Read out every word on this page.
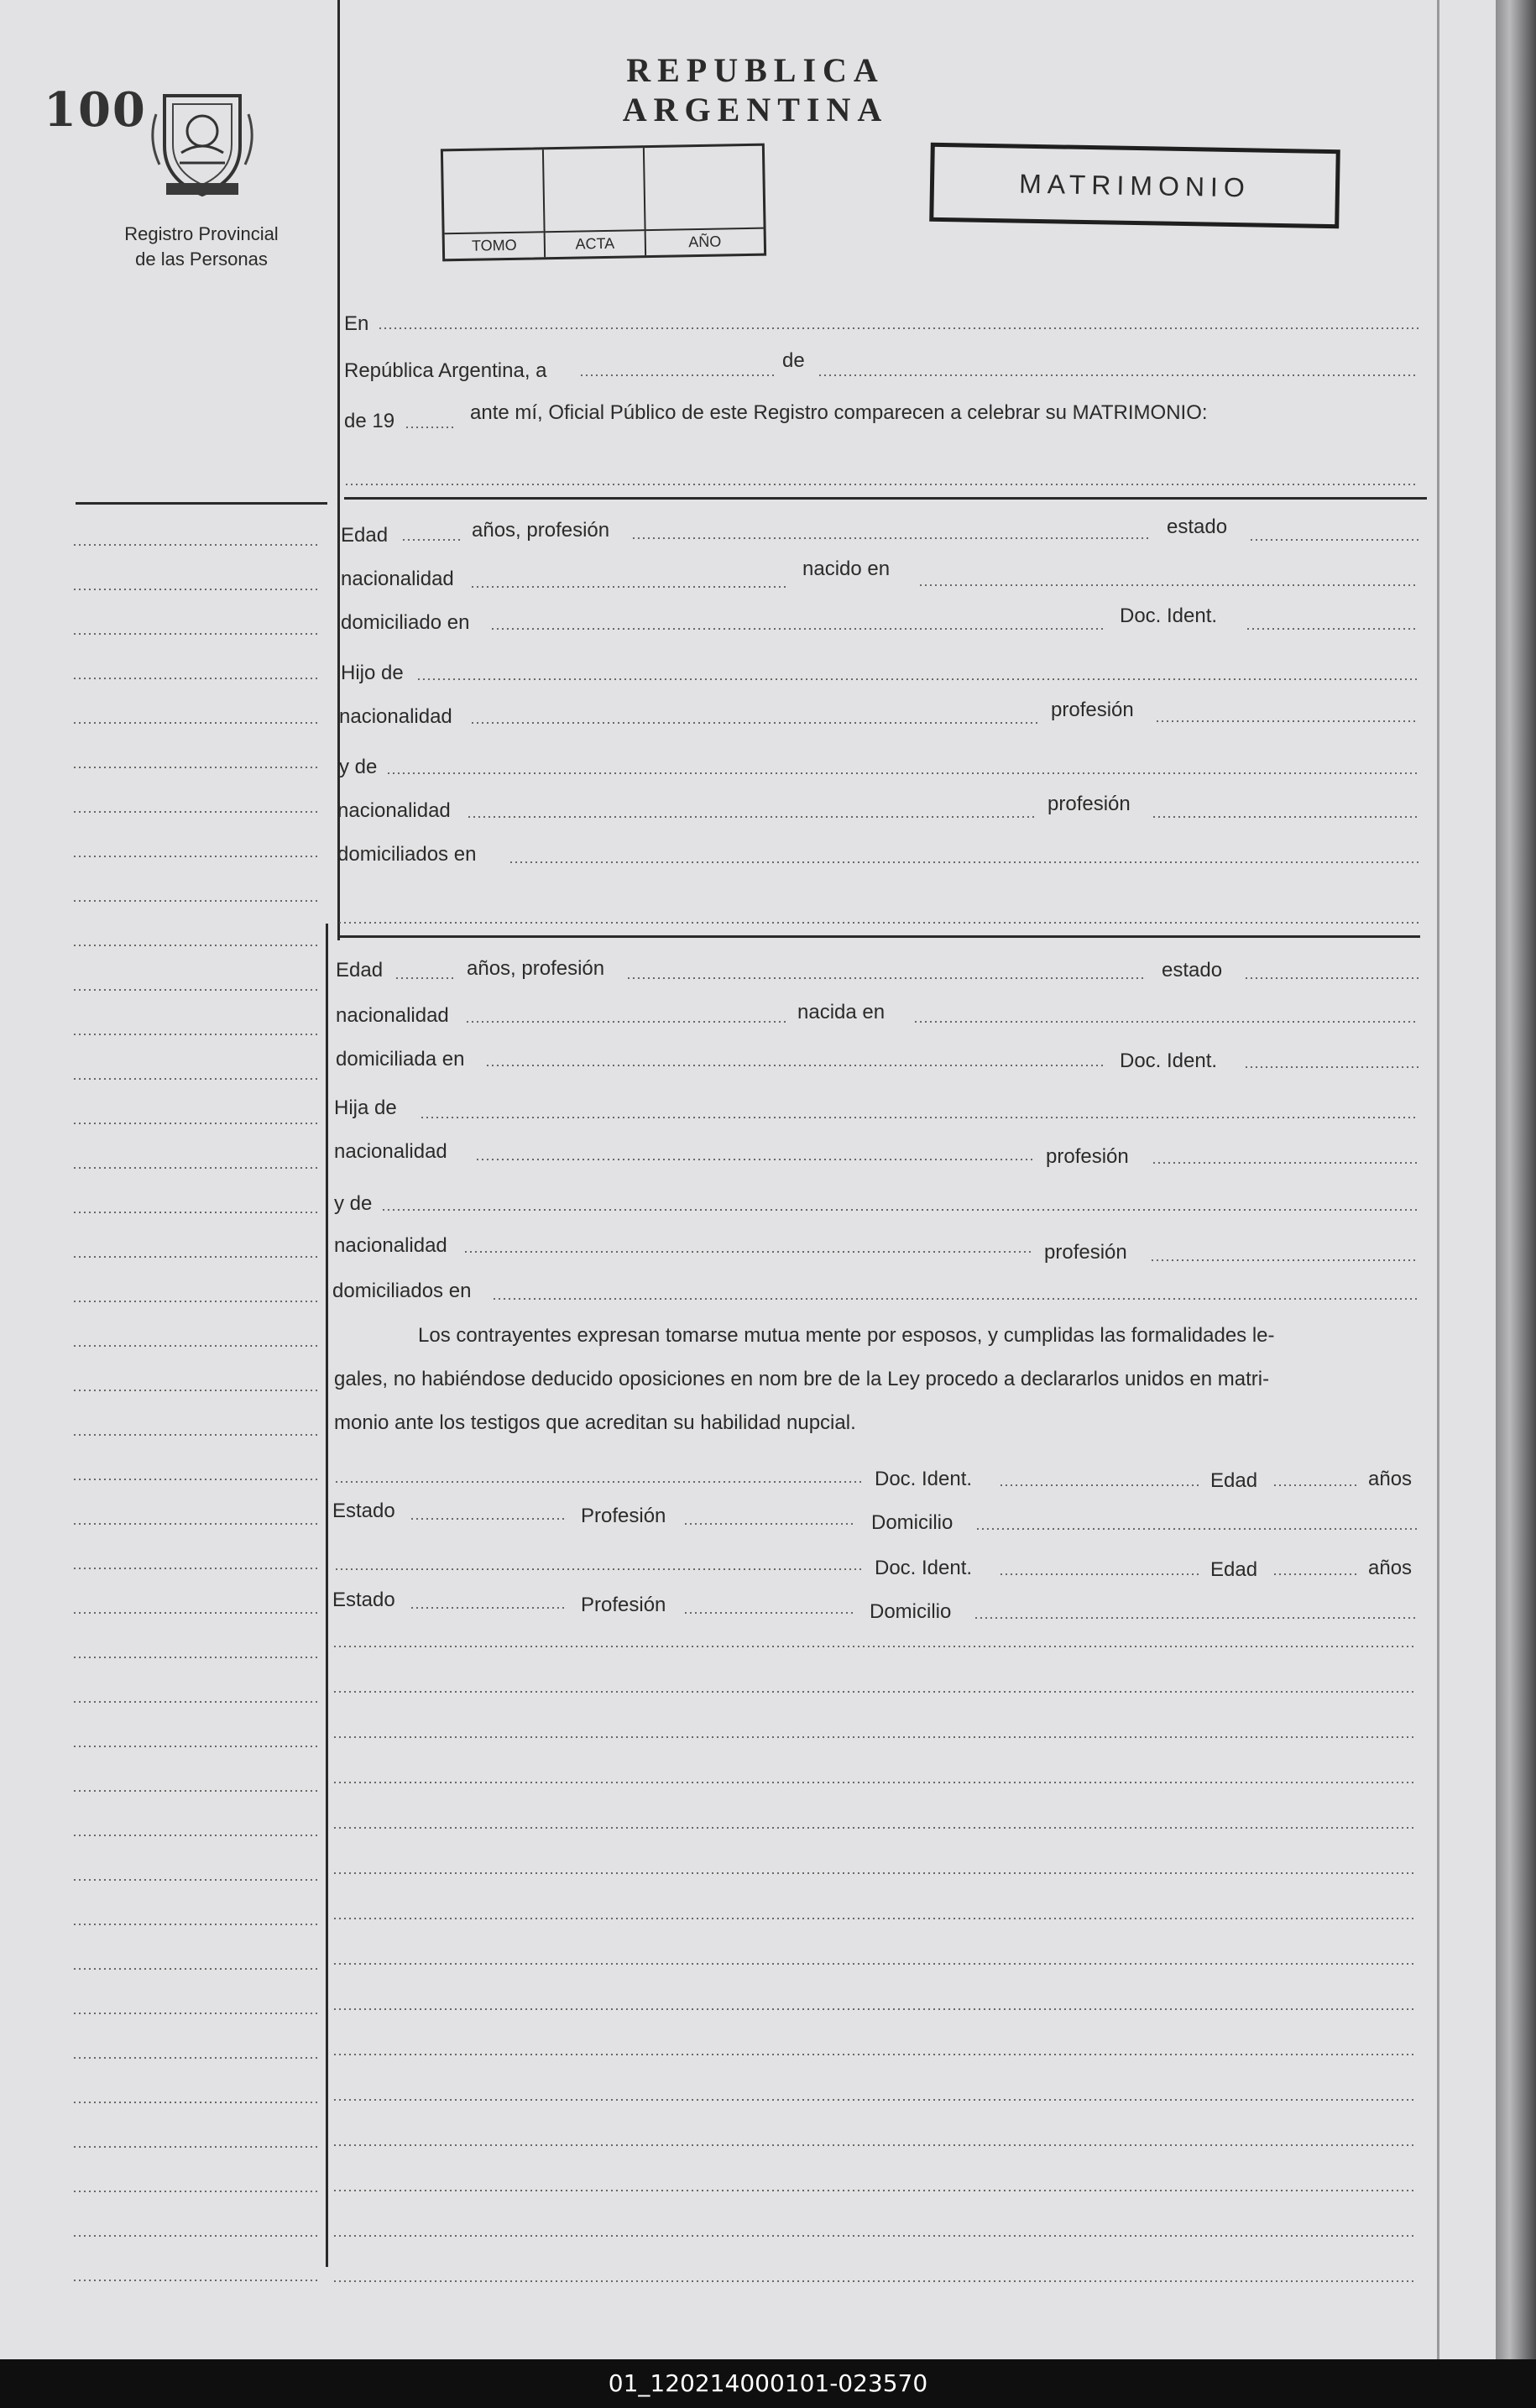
100
Registro Provincial
de las Personas
REPUBLICA ARGENTINA
TOMO	ACTA	AÑO
MATRIMONIO
En
República Argentina, a	de
de 19	ante mí, Oficial Público de este Registro comparecen a celebrar su MATRIMONIO:
Edad	años, profesión	estado
nacionalidad	nacido en
domiciliado en	Doc. Ident.
Hijo de
nacionalidad	profesión
y de
nacionalidad	profesión
domiciliados en
Edad	años, profesión	estado
nacionalidad	nacida en
domiciliada en	Doc. Ident.
Hija de
nacionalidad	profesión
y de
nacionalidad	profesión
domiciliados en
Los contrayentes expresan tomarse mutua mente por esposos, y cumplidas las formalidades le-
gales, no habiéndose deducido oposiciones en nom bre de la Ley procedo a declararlos unidos en matri-
monio ante los testigos que acreditan su habilidad nupcial.
Doc. Ident.	Edad	años
Estado	Profesión	Domicilio
Doc. Ident.	Edad	años
Estado	Profesión	Domicilio
01_120214000101-023570
